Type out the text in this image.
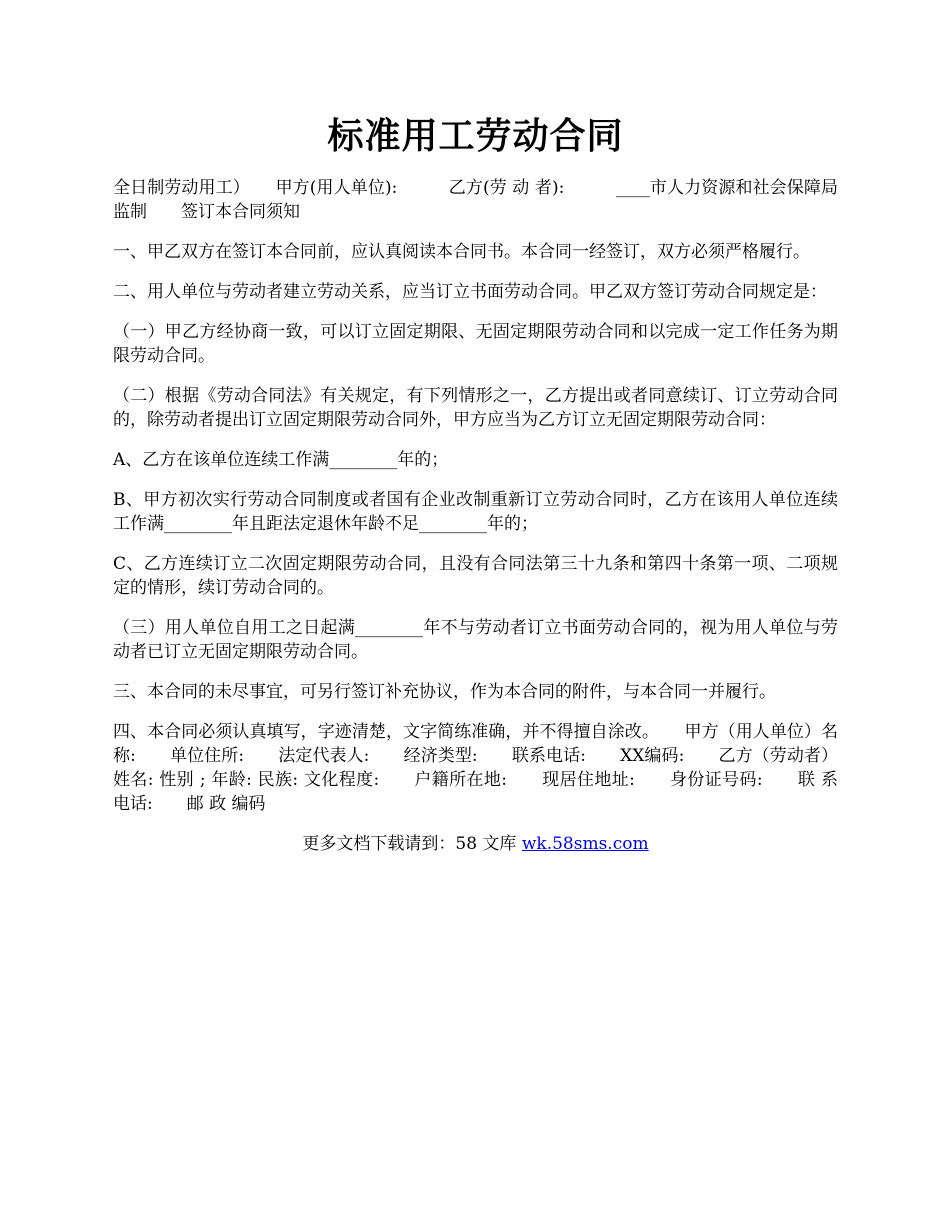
标准用工劳动合同

全日制劳动用工）　　甲方(用人单位):　　　乙方(劳 动 者):　　　____市人力资源和社会保障局监制　　签订本合同须知

一、甲乙双方在签订本合同前，应认真阅读本合同书。本合同一经签订，双方必须严格履行。

二、用人单位与劳动者建立劳动关系，应当订立书面劳动合同。甲乙双方签订劳动合同规定是：

（一）甲乙方经协商一致，可以订立固定期限、无固定期限劳动合同和以完成一定工作任务为期限劳动合同。

（二）根据《劳动合同法》有关规定，有下列情形之一，乙方提出或者同意续订、订立劳动合同的，除劳动者提出订立固定期限劳动合同外，甲方应当为乙方订立无固定期限劳动合同：

A、乙方在该单位连续工作满________年的；

B、甲方初次实行劳动合同制度或者国有企业改制重新订立劳动合同时，乙方在该用人单位连续工作满________年且距法定退休年龄不足________年的；

C、乙方连续订立二次固定期限劳动合同，且没有合同法第三十九条和第四十条第一项、二项规定的情形，续订劳动合同的。

（三）用人单位自用工之日起满________年不与劳动者订立书面劳动合同的，视为用人单位与劳动者已订立无固定期限劳动合同。

三、本合同的未尽事宜，可另行签订补充协议，作为本合同的附件，与本合同一并履行。

四、本合同必须认真填写，字迹清楚，文字简练准确，并不得擅自涂改。　　甲方（用人单位）名 称:　　单位住所:　　法定代表人:　　经济类型:　　联系电话:　　XX编码:　　乙方（劳动者）姓名: 性别 ; 年龄: 民族: 文化程度:　　户籍所在地:　　现居住地址:　　身份证号码:　　联 系 电话:　　邮 政 编码

更多文档下载请到：58 文库 wk.58sms.com
